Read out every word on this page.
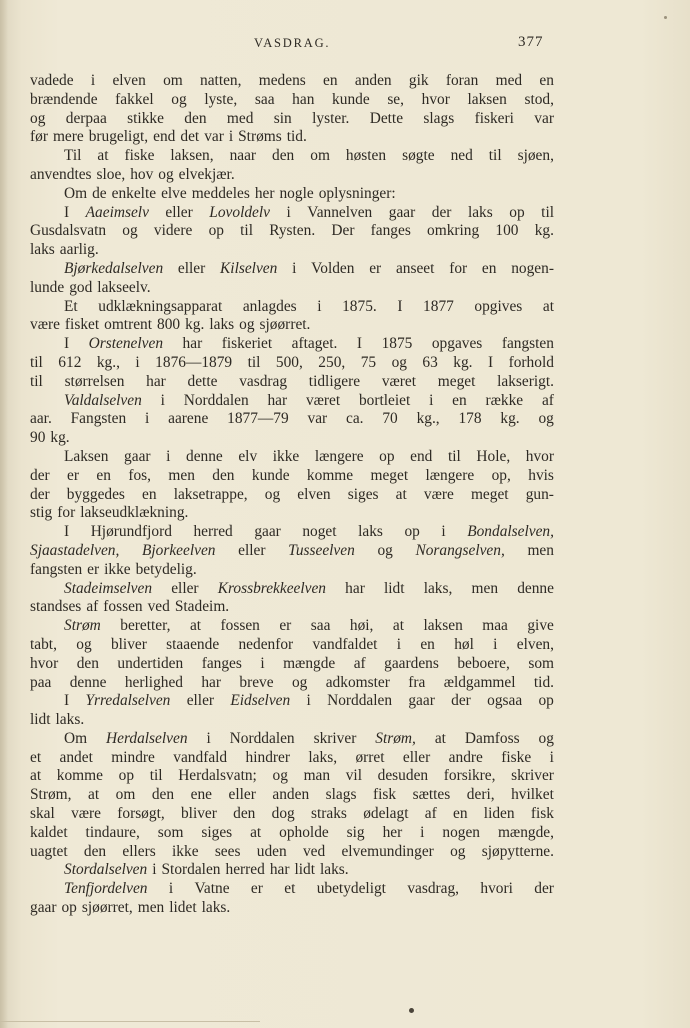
VASDRAG.	377
vadede i elven om natten, medens en anden gik foran med en
brændende fakkel og lyste, saa han kunde se, hvor laksen stod,
og derpaa stikke den med sin lyster. Dette slags fiskeri var
før mere brugeligt, end det var i Strøms tid.
Til at fiske laksen, naar den om høsten søgte ned til sjøen,
anvendtes sloe, hov og elvekjær.
Om de enkelte elve meddeles her nogle oplysninger:
I Aaeimselv eller Lovoldelv i Vannelven gaar der laks op til
Gusdalsvatn og videre op til Rysten. Der fanges omkring 100 kg.
laks aarlig.
Bjørkedalselven eller Kilselven i Volden er anseet for en nogen-
lunde god lakseelv.
Et udklækningsapparat anlagdes i 1875. I 1877 opgives at
være fisket omtrent 800 kg. laks og sjøørret.
I Orstenelven har fiskeriet aftaget. I 1875 opgaves fangsten
til 612 kg., i 1876—1879 til 500, 250, 75 og 63 kg. I forhold
til størrelsen har dette vasdrag tidligere været meget lakserigt.
Valdalselven i Norddalen har været bortleiet i en række af
aar. Fangsten i aarene 1877—79 var ca. 70 kg., 178 kg. og
90 kg.
Laksen gaar i denne elv ikke længere op end til Hole, hvor
der er en fos, men den kunde komme meget længere op, hvis
der byggedes en laksetrappe, og elven siges at være meget gun-
stig for lakseudklækning.
I Hjørundfjord herred gaar noget laks op i Bondalselven,
Sjaastadelven, Bjorkeelven eller Tusseelven og Norangselven, men
fangsten er ikke betydelig.
Stadeimselven eller Krossbrekkeelven har lidt laks, men denne
standses af fossen ved Stadeim.
Strøm beretter, at fossen er saa høi, at laksen maa give
tabt, og bliver staaende nedenfor vandfaldet i en høl i elven,
hvor den undertiden fanges i mængde af gaardens beboere, som
paa denne herlighed har breve og adkomster fra ældgammel tid.
I Yrredalselven eller Eidselven i Norddalen gaar der ogsaa op
lidt laks.
Om Herdalselven i Norddalen skriver Strøm, at Damfoss og
et andet mindre vandfald hindrer laks, ørret eller andre fiske i
at komme op til Herdalsvatn; og man vil desuden forsikre, skriver
Strøm, at om den ene eller anden slags fisk sættes deri, hvilket
skal være forsøgt, bliver den dog straks ødelagt af en liden fisk
kaldet tindaure, som siges at opholde sig her i nogen mængde,
uagtet den ellers ikke sees uden ved elvemundinger og sjøpytterne.
Stordalselven i Stordalen herred har lidt laks.
Tenfjordelven i Vatne er et ubetydeligt vasdrag, hvori der
gaar op sjøørret, men lidet laks.
